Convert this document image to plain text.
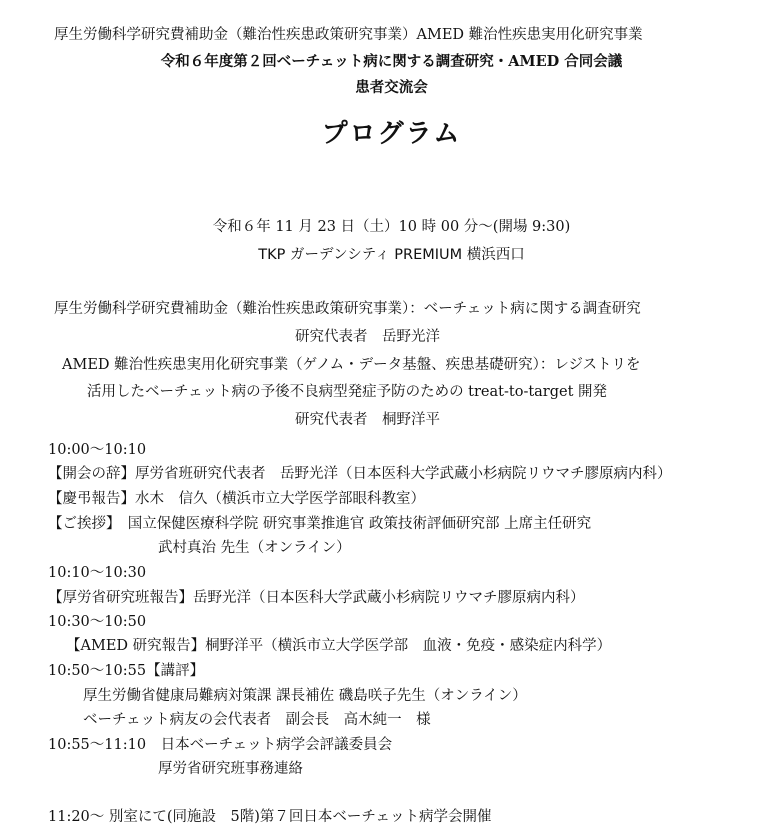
厚生労働科学研究費補助金（難治性疾患政策研究事業）AMED 難治性疾患実用化研究事業
令和６年度第２回ベーチェット病に関する調査研究・AMED 合同会議
患者交流会
プログラム
令和６年 11 月 23 日（土）10 時 00 分〜(開場 9:30)
TKP ガーデンシティ PREMIUM 横浜西口
厚生労働科学研究費補助金（難治性疾患政策研究事業）：ベーチェット病に関する調査研究
研究代表者　岳野光洋
AMED 難治性疾患実用化研究事業（ゲノム・データ基盤、疾患基礎研究）：レジストリを
活用したベーチェット病の予後不良病型発症予防のための treat-to-target 開発
研究代表者　桐野洋平
10:00〜10:10
【開会の辞】厚労省班研究代表者　岳野光洋（日本医科大学武蔵小杉病院リウマチ膠原病内科）
【慶弔報告】水木　信久（横浜市立大学医学部眼科教室）
【ご挨拶】　国立保健医療科学院 研究事業推進官 政策技術評価研究部 上席主任研究
武村真治 先生（オンライン）
10:10〜10:30
【厚労省研究班報告】岳野光洋（日本医科大学武蔵小杉病院リウマチ膠原病内科）
10:30〜10:50
【AMED 研究報告】桐野洋平（横浜市立大学医学部　血液・免疫・感染症内科学）
10:50〜10:55【講評】
厚生労働省健康局難病対策課 課長補佐 磯島咲子先生（オンライン）
ベーチェット病友の会代表者　副会長　高木純一　様
10:55〜11:10　日本ベーチェット病学会評議委員会
厚労省研究班事務連絡
11:20〜 別室にて(同施設　5階)第７回日本ベーチェット病学会開催
